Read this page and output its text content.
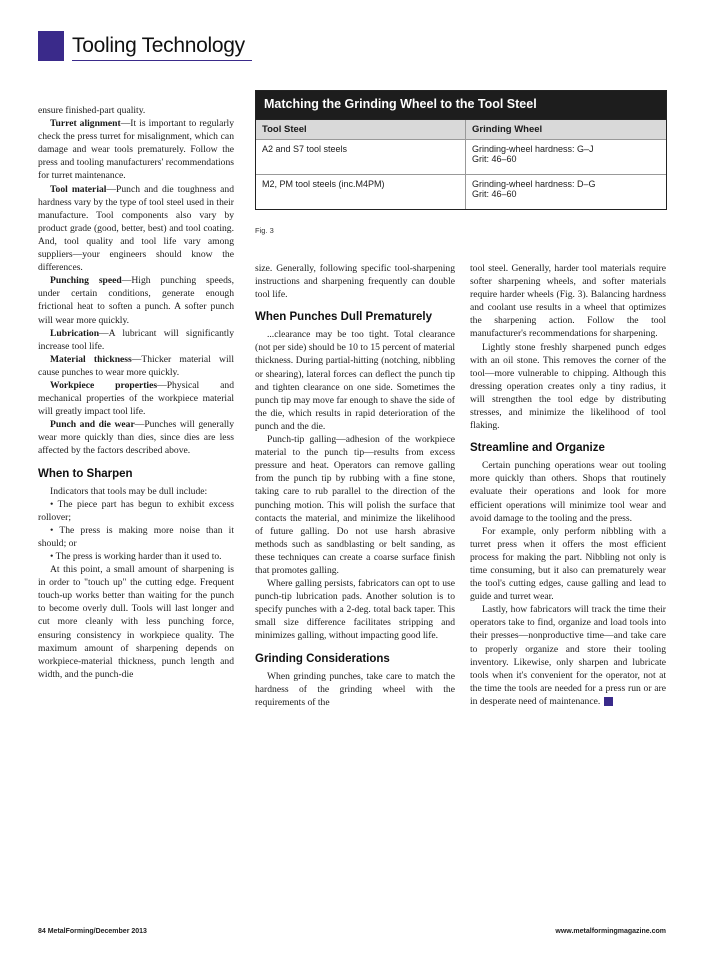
Tooling Technology
Matching the Grinding Wheel to the Tool Steel
Tool Steel	Grinding Wheel
A2 and S7 tool steels	Grinding-wheel hardness: G–J
Grit: 46–60
M2, PM tool steels (inc.M4PM)	Grinding-wheel hardness: D–G
Grit: 46–60
Fig. 3

ensure finished-part quality.

Turret alignment—It is important to regularly check the press turret for misalignment, which can damage and wear tools prematurely. Follow the press and tooling manufacturers' recommendations for turret maintenance.

Tool material—Punch and die toughness and hardness vary by the type of tool steel used in their manufacture. Tool components also vary by product grade (good, better, best) and tool coating. And, tool quality and tool life vary among suppliers—your engineers should know the differences.

Punching speed—High punching speeds, under certain conditions, generate enough frictional heat to soften a punch. A softer punch will wear more quickly.

Lubrication—A lubricant will significantly increase tool life.

Material thickness—Thicker material will cause punches to wear more quickly.

Workpiece properties—Physical and mechanical properties of the workpiece material will greatly impact tool life.

Punch and die wear—Punches will generally wear more quickly than dies, since dies are less affected by the factors described above.

When to Sharpen

Indicators that tools may be dull include:

• The piece part has begun to exhibit excess rollover;

• The press is making more noise than it should; or

• The press is working harder than it used to.

At this point, a small amount of sharpening is in order to "touch up" the cutting edge. Frequent touch-up works better than waiting for the punch to become overly dull. Tools will last longer and cut more cleanly with less punching force, ensuring consistency in workpiece quality. The maximum amount of sharpening depends on workpiece-material thickness, punch length and width, and the punch-die

size. Generally, following specific tool-sharpening instructions and sharpening frequently can double tool life.

When Punches Dull Prematurely

...clearance may be too tight. Total clearance (not per side) should be 10 to 15 percent of material thickness. During partial-hitting (notching, nibbling or shearing), lateral forces can deflect the punch tip and tighten clearance on one side. Sometimes the punch tip may move far enough to shave the side of the die, which results in rapid deterioration of the punch and the die.

Punch-tip galling—adhesion of the workpiece material to the punch tip—results from excess pressure and heat. Operators can remove galling from the punch tip by rubbing with a fine stone, taking care to rub parallel to the direction of the punching motion. This will polish the surface that contacts the material, and minimize the likelihood of future galling. Do not use harsh abrasive methods such as sandblasting or belt sanding, as these techniques can create a coarse surface finish that promotes galling.

Where galling persists, fabricators can opt to use punch-tip lubrication pads. Another solution is to specify punches with a 2-deg. total back taper. This small size difference facilitates stripping and minimizes galling, without impacting good life.

Grinding Considerations

When grinding punches, take care to match the hardness of the grinding wheel with the requirements of the

tool steel. Generally, harder tool materials require softer sharpening wheels, and softer materials require harder wheels (Fig. 3). Balancing hardness and coolant use results in a wheel that optimizes the sharpening action. Follow the tool manufacturer's recommendations for sharpening.

Lightly stone freshly sharpened punch edges with an oil stone. This removes the corner of the tool—more vulnerable to chipping. Although this dressing operation creates only a tiny radius, it will strengthen the tool edge by distributing stresses, and minimize the likelihood of tool flaking.

Streamline and Organize

Certain punching operations wear out tooling more quickly than others. Shops that routinely evaluate their operations and look for more efficient operations will minimize tool wear and avoid damage to the tooling and the press.

For example, only perform nibbling with a turret press when it offers the most efficient process for making the part. Nibbling not only is time consuming, but it also can prematurely wear the tool's cutting edges, cause galling and lead to guide and turret wear.

Lastly, how fabricators will track the time their operators take to find, organize and load tools into their presses—nonproductive time—and take care to properly organize and store their tooling inventory. Likewise, only sharpen and lubricate tools when it's convenient for the operator, not at the time the tools are needed for a press run or are in desperate need of maintenance.

84 MetalForming/December 2013	www.metalformingmagazine.com
